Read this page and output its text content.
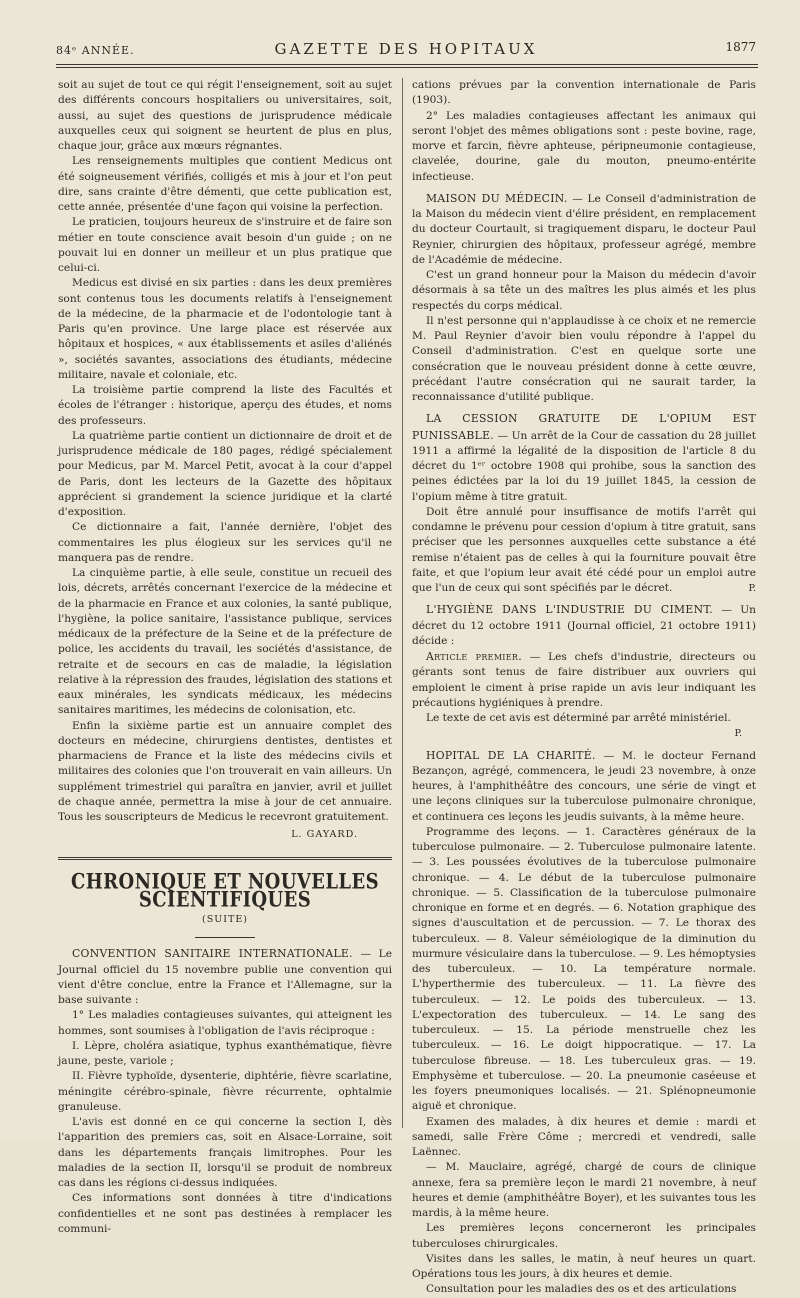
84ᵉ ANNÉE.	GAZETTE DES HOPITAUX	1877

soit au sujet de tout ce qui régit l'enseignement, soit au sujet des différents concours hospitaliers ou universitaires, soit, aussi, au sujet des questions de jurisprudence médicale auxquelles ceux qui soignent se heurtent de plus en plus, chaque jour, grâce aux mœurs régnantes.

Les renseignements multiples que contient Medicus ont été soigneusement vérifiés, colligés et mis à jour et l'on peut dire, sans crainte d'être démenti, que cette publication est, cette année, présentée d'une façon qui voisine la perfection.

Le praticien, toujours heureux de s'instruire et de faire son métier en toute conscience avait besoin d'un guide ; on ne pouvait lui en donner un meilleur et un plus pratique que celui-ci.

Medicus est divisé en six parties : dans les deux premières sont contenus tous les documents relatifs à l'enseignement de la médecine, de la pharmacie et de l'odontologie tant à Paris qu'en province. Une large place est réservée aux hôpitaux et hospices, « aux établissements et asiles d'aliénés », sociétés savantes, associations des étudiants, médecine militaire, navale et coloniale, etc.

La troisième partie comprend la liste des Facultés et écoles de l'étranger : historique, aperçu des études, et noms des professeurs.

La quatrième partie contient un dictionnaire de droit et de jurisprudence médicale de 180 pages, rédigé spécialement pour Medicus, par M. Marcel Petit, avocat à la cour d'appel de Paris, dont les lecteurs de la Gazette des hôpitaux apprécient si grandement la science juridique et la clarté d'exposition.

Ce dictionnaire a fait, l'année dernière, l'objet des commentaires les plus élogieux sur les services qu'il ne manquera pas de rendre.

La cinquième partie, à elle seule, constitue un recueil des lois, décrets, arrêtés concernant l'exercice de la médecine et de la pharmacie en France et aux colonies, la santé publique, l'hygiène, la police sanitaire, l'assistance publique, services médicaux de la préfecture de la Seine et de la préfecture de police, les accidents du travail, les sociétés d'assistance, de retraite et de secours en cas de maladie, la législation relative à la répression des fraudes, législation des stations et eaux minérales, les syndicats médicaux, les médecins sanitaires maritimes, les médecins de colonisation, etc.

Enfin la sixième partie est un annuaire complet des docteurs en médecine, chirurgiens dentistes, dentistes et pharmaciens de France et la liste des médecins civils et militaires des colonies que l'on trouverait en vain ailleurs. Un supplément trimestriel qui paraîtra en janvier, avril et juillet de chaque année, permettra la mise à jour de cet annuaire. Tous les souscripteurs de Medicus le recevront gratuitement.

L. GAYARD.
CHRONIQUE ET NOUVELLES SCIENTIFIQUES
(SUITE)

CONVENTION SANITAIRE INTERNATIONALE. — Le Journal officiel du 15 novembre publie une convention qui vient d'être conclue, entre la France et l'Allemagne, sur la base suivante :

1° Les maladies contagieuses suivantes, qui atteignent les hommes, sont soumises à l'obligation de l'avis réciproque :

I. Lèpre, choléra asiatique, typhus exanthématique, fièvre jaune, peste, variole ;

II. Fièvre typhoïde, dysenterie, diphtérie, fièvre scarlatine, méningite cérébro-spinale, fièvre récurrente, ophtalmie granuleuse.

L'avis est donné en ce qui concerne la section I, dès l'apparition des premiers cas, soit en Alsace-Lorraine, soit dans les départements français limitrophes. Pour les maladies de la section II, lorsqu'il se produit de nombreux cas dans les régions ci-dessus indiquées.

Ces informations sont données à titre d'indications confidentielles et ne sont pas destinées à remplacer les communi-

cations prévues par la convention internationale de Paris (1903).

2° Les maladies contagieuses affectant les animaux qui seront l'objet des mêmes obligations sont : peste bovine, rage, morve et farcin, fièvre aphteuse, péripneumonie contagieuse, clavelée, dourine, gale du mouton, pneumo-entérite infectieuse.

MAISON DU MÉDECIN. — Le Conseil d'administration de la Maison du médecin vient d'élire président, en remplacement du docteur Courtault, si tragiquement disparu, le docteur Paul Reynier, chirurgien des hôpitaux, professeur agrégé, membre de l'Académie de médecine.

C'est un grand honneur pour la Maison du médecin d'avoir désormais à sa tête un des maîtres les plus aimés et les plus respectés du corps médical.

Il n'est personne qui n'applaudisse à ce choix et ne remercie M. Paul Reynier d'avoir bien voulu répondre à l'appel du Conseil d'administration. C'est en quelque sorte une consécration que le nouveau président donne à cette œuvre, précédant l'autre consécration qui ne saurait tarder, la reconnaissance d'utilité publique.

LA CESSION GRATUITE DE L'OPIUM EST PUNISSABLE. — Un arrêt de la Cour de cassation du 28 juillet 1911 a affirmé la légalité de la disposition de l'article 8 du décret du 1ᵉʳ octobre 1908 qui prohibe, sous la sanction des peines édictées par la loi du 19 juillet 1845, la cession de l'opium même à titre gratuit.

Doit être annulé pour insuffisance de motifs l'arrêt qui condamne le prévenu pour cession d'opium à titre gratuit, sans préciser que les personnes auxquelles cette substance a été remise n'étaient pas de celles à qui la fourniture pouvait être faite, et que l'opium leur avait été cédé pour un emploi autre que l'un de ceux qui sont spécifiés par le décret.	P.

L'HYGIÈNE DANS L'INDUSTRIE DU CIMENT. — Un décret du 12 octobre 1911 (Journal officiel, 21 octobre 1911) décide :

Article premier. — Les chefs d'industrie, directeurs ou gérants sont tenus de faire distribuer aux ouvriers qui emploient le ciment à prise rapide un avis leur indiquant les précautions hygiéniques à prendre.

Le texte de cet avis est déterminé par arrêté ministériel.

P.

HOPITAL DE LA CHARITÉ. — M. le docteur Fernand Bezançon, agrégé, commencera, le jeudi 23 novembre, à onze heures, à l'amphithéâtre des concours, une série de vingt et une leçons cliniques sur la tuberculose pulmonaire chronique, et continuera ces leçons les jeudis suivants, à la même heure.

Programme des leçons. — 1. Caractères généraux de la tuberculose pulmonaire. — 2. Tuberculose pulmonaire latente. — 3. Les poussées évolutives de la tuberculose pulmonaire chronique. — 4. Le début de la tuberculose pulmonaire chronique. — 5. Classification de la tuberculose pulmonaire chronique en forme et en degrés. — 6. Notation graphique des signes d'auscultation et de percussion. — 7. Le thorax des tuberculeux. — 8. Valeur séméiologique de la diminution du murmure vésiculaire dans la tuberculose. — 9. Les hémoptysies des tuberculeux. — 10. La température normale. L'hyperthermie des tuberculeux. — 11. La fièvre des tuberculeux. — 12. Le poids des tuberculeux. — 13. L'expectoration des tuberculeux. — 14. Le sang des tuberculeux. — 15. La période menstruelle chez les tuberculeux. — 16. Le doigt hippocratique. — 17. La tuberculose fibreuse. — 18. Les tuberculeux gras. — 19. Emphysème et tuberculose. — 20. La pneumonie caséeuse et les foyers pneumoniques localisés. — 21. Splénopneumonie aiguë et chronique.

Examen des malades, à dix heures et demie : mardi et samedi, salle Frère Côme ; mercredi et vendredi, salle Laënnec.

— M. Mauclaire, agrégé, chargé de cours de clinique annexe, fera sa première leçon le mardi 21 novembre, à neuf heures et demie (amphithéâtre Boyer), et les suivantes tous les mardis, à la même heure.

Les premières leçons concerneront les principales tuberculoses chirurgicales.

Visites dans les salles, le matin, à neuf heures un quart. Opérations tous les jours, à dix heures et demie.

Consultation pour les maladies des os et des articulations
